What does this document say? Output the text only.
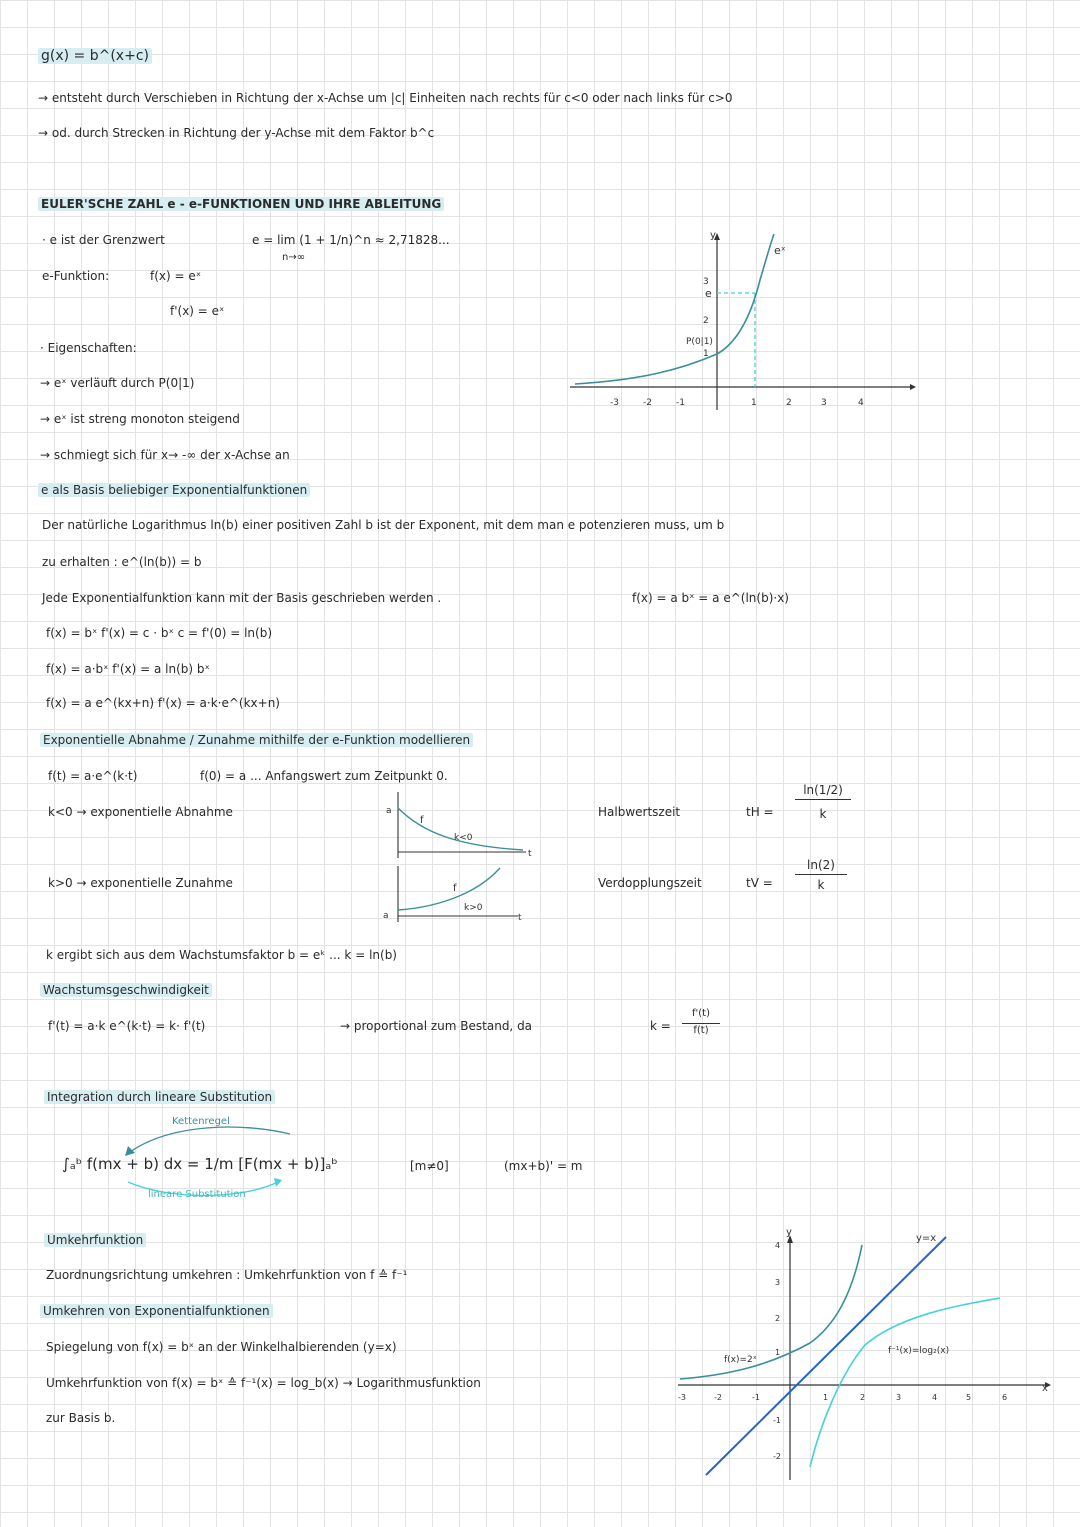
g(x) = b^(x+c)
→ entsteht durch Verschieben in Richtung der x-Achse um |c| Einheiten nach rechts für c<0 oder nach links für c>0
→ od. durch Strecken in Richtung der y-Achse mit dem Faktor b^c
EULER'SCHE ZAHL e - e-FUNKTIONEN UND IHRE ABLEITUNG
· e ist der Grenzwert	e = lim (1 + 1/n)^n ≈ 2,71828...
n→∞
e-Funktion:	f(x) = eˣ
f'(x) = eˣ
· Eigenschaften:
→ eˣ verläuft durch P(0|1)
→ eˣ ist streng monoton steigend
→ schmiegt sich für x→ -∞ der x-Achse an
y
-3	-2	-1	1	2	3	4
3
2
1
e
P(0|1)
eˣ
e als Basis beliebiger Exponentialfunktionen
Der natürliche Logarithmus ln(b) einer positiven Zahl b ist der Exponent, mit dem man e potenzieren muss, um b
zu erhalten : e^(ln(b)) = b
Jede Exponentialfunktion kann mit der Basis geschrieben werden .	f(x) = a bˣ = a e^(ln(b)·x)
f(x) = bˣ f'(x) = c · bˣ c = f'(0) = ln(b)
f(x) = a·bˣ f'(x) = a ln(b) bˣ
f(x) = a e^(kx+n) f'(x) = a·k·e^(kx+n)
Exponentielle Abnahme / Zunahme mithilfe der e-Funktion modellieren
f(t) = a·e^(k·t)	f(0) = a ... Anfangswert zum Zeitpunkt 0.
k<0 → exponentielle Abnahme
k>0 → exponentielle Zunahme
a
f
k<0
t
a
f
k>0
t
Halbwertszeit	tH =
ln(1/2)
k
Verdopplungszeit	tV =
ln(2)
k
k ergibt sich aus dem Wachstumsfaktor b = eᵏ ... k = ln(b)
Wachstumsgeschwindigkeit
f'(t) = a·k e^(k·t) = k· f'(t)	→ proportional zum Bestand, da	k =
f'(t)
f(t)
Integration durch lineare Substitution
Kettenregel
∫ₐᵇ f(mx + b) dx = 1/m [F(mx + b)]ₐᵇ	[m≠0]	(mx+b)' = m
lineare Substitution
Umkehrfunktion
Zuordnungsrichtung umkehren : Umkehrfunktion von f ≙ f⁻¹
Umkehren von Exponentialfunktionen
Spiegelung von f(x) = bˣ an der Winkelhalbierenden (y=x)
Umkehrfunktion von f(x) = bˣ ≙ f⁻¹(x) = log_b(x) → Logarithmusfunktion
zur Basis b.
x
y
-3	-2	-1	1	2	3	4	5	6
4
3
2
1
-1
-2
y=x
f(x)=2ˣ
f⁻¹(x)=log₂(x)
